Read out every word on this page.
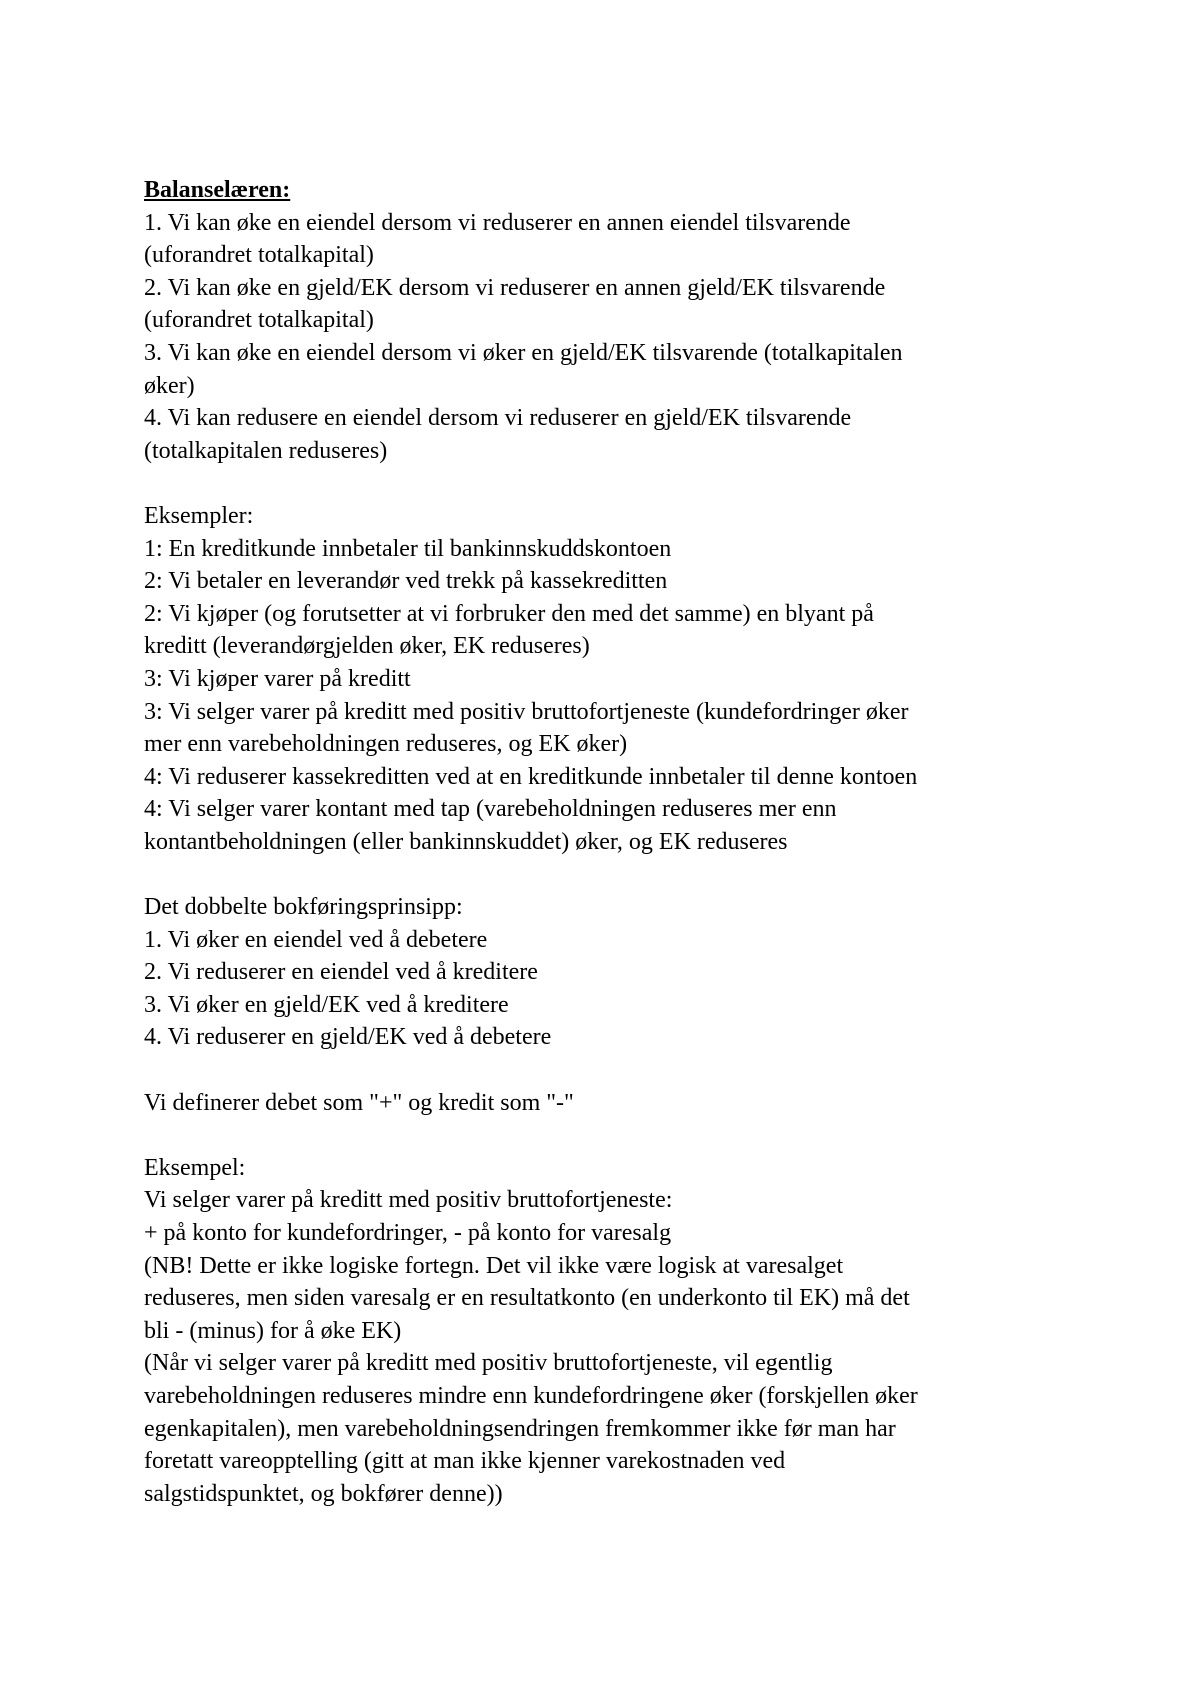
Balanselæren:
1. Vi kan øke en eiendel dersom vi reduserer en annen eiendel tilsvarende
(uforandret totalkapital)
2. Vi kan øke en gjeld/EK dersom vi reduserer en annen gjeld/EK tilsvarende
(uforandret totalkapital)
3. Vi kan øke en eiendel dersom vi øker en gjeld/EK tilsvarende (totalkapitalen
øker)
4. Vi kan redusere en eiendel dersom vi reduserer en gjeld/EK tilsvarende
(totalkapitalen reduseres)
Eksempler:
1: En kreditkunde innbetaler til bankinnskuddskontoen
2: Vi betaler en leverandør ved trekk på kassekreditten
2: Vi kjøper (og forutsetter at vi forbruker den med det samme) en blyant på
kreditt (leverandørgjelden øker, EK reduseres)
3: Vi kjøper varer på kreditt
3: Vi selger varer på kreditt med positiv bruttofortjeneste (kundefordringer øker
mer enn varebeholdningen reduseres, og EK øker)
4: Vi reduserer kassekreditten ved at en kreditkunde innbetaler til denne kontoen
4: Vi selger varer kontant med tap (varebeholdningen reduseres mer enn
kontantbeholdningen (eller bankinnskuddet) øker, og EK reduseres
Det dobbelte bokføringsprinsipp:
1. Vi øker en eiendel ved å debetere
2. Vi reduserer en eiendel ved å kreditere
3. Vi øker en gjeld/EK ved å kreditere
4. Vi reduserer en gjeld/EK ved å debetere
Vi definerer debet som "+" og kredit som "-"
Eksempel:
Vi selger varer på kreditt med positiv bruttofortjeneste:
+ på konto for kundefordringer, - på konto for varesalg
(NB! Dette er ikke logiske fortegn. Det vil ikke være logisk at varesalget
reduseres, men siden varesalg er en resultatkonto (en underkonto til EK) må det
bli - (minus) for å øke EK)
(Når vi selger varer på kreditt med positiv bruttofortjeneste, vil egentlig
varebeholdningen reduseres mindre enn kundefordringene øker (forskjellen øker
egenkapitalen), men varebeholdningsendringen fremkommer ikke før man har
foretatt vareopptelling (gitt at man ikke kjenner varekostnaden ved
salgstidspunktet, og bokfører denne))
